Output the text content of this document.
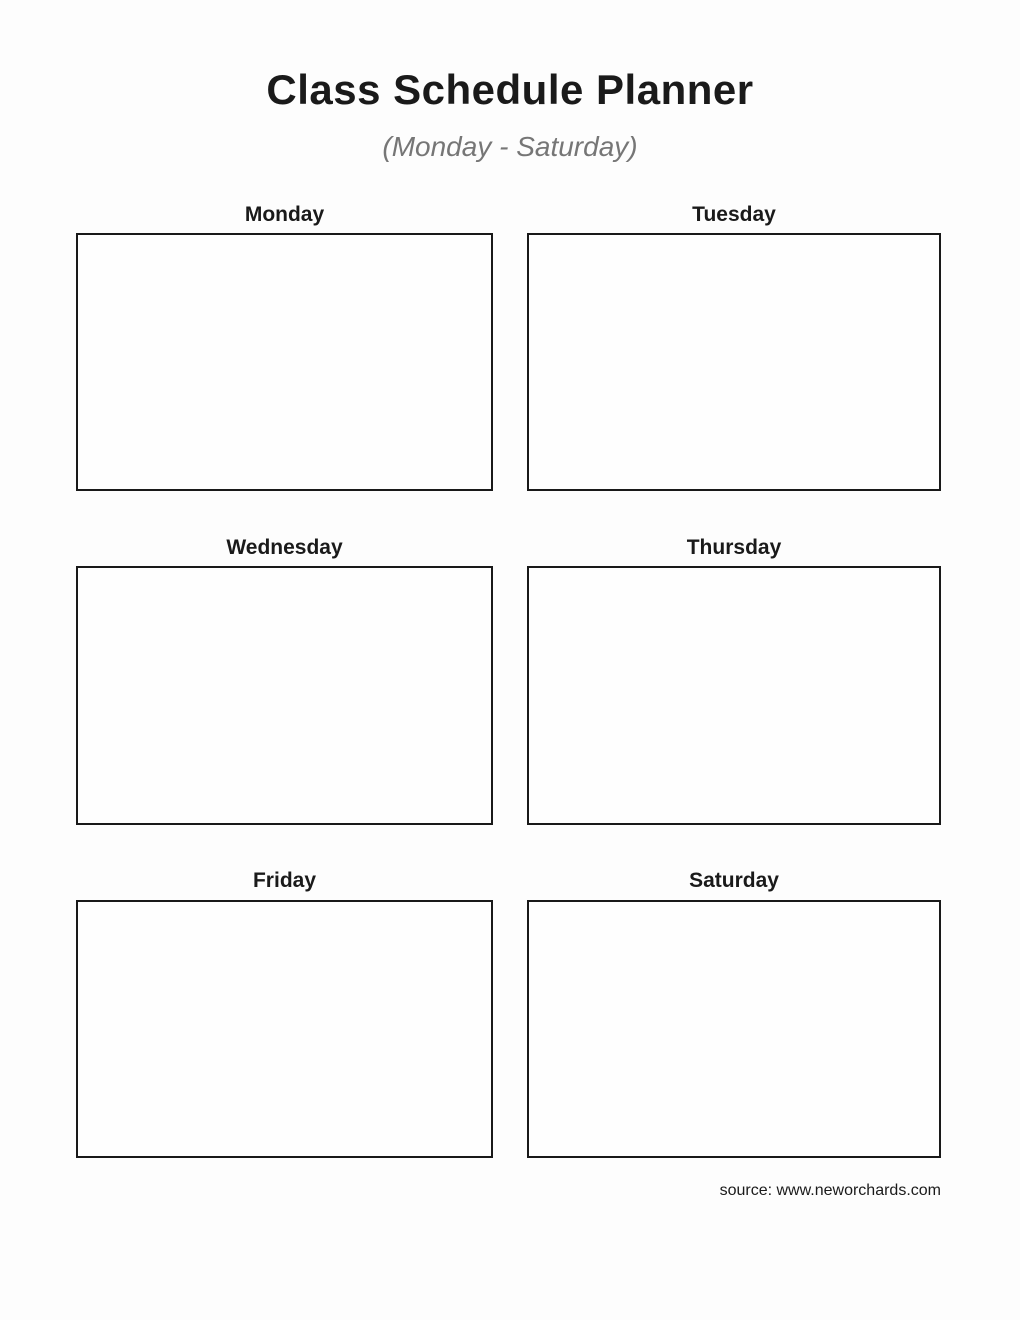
Class Schedule Planner
(Monday - Saturday)
Monday	Tuesday
Wednesday	Thursday
Friday	Saturday
source: www.neworchards.com
